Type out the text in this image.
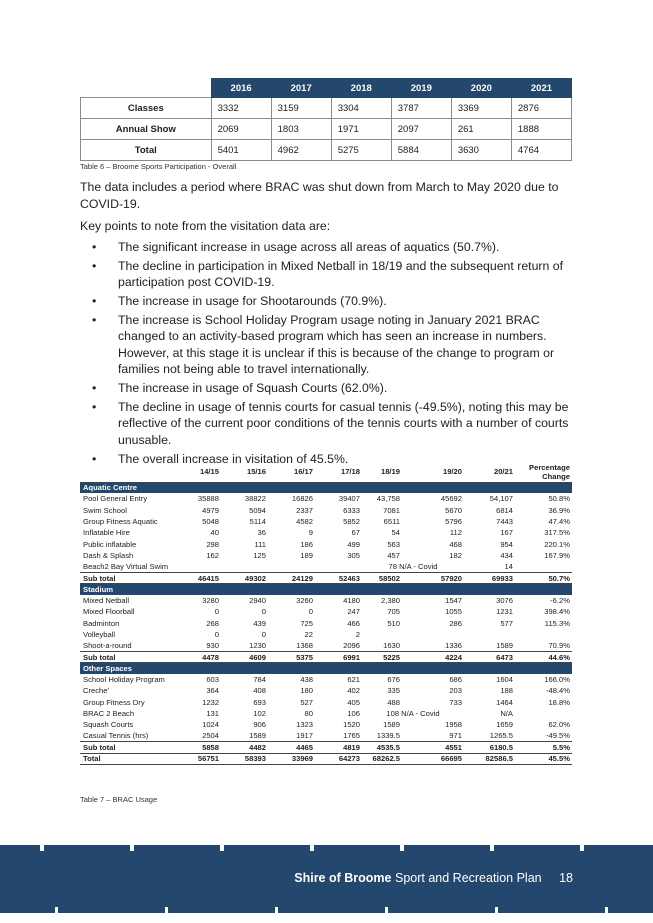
	2016	2017	2018	2019	2020	2021
Classes	3332	3159	3304	3787	3369	2876
Annual Show	2069	1803	1971	2097	261	1888
Total	5401	4962	5275	5884	3630	4764
Table 6 – Broome Sports Participation - Overall

The data includes a period where BRAC was shut down from March to May 2020 due to COVID-19.

Key points to note from the visitation data are:

• The significant increase in usage across all areas of aquatics (50.7%).
• The decline in participation in Mixed Netball in 18/19 and the subsequent return of participation post COVID-19.
• The increase in usage for Shootarounds (70.9%).
• The increase is School Holiday Program usage noting in January 2021 BRAC changed to an activity-based program which has seen an increase in numbers. However, at this stage it is unclear if this is because of the change to program or families not being able to travel internationally.
• The increase in usage of Squash Courts (62.0%).
• The decline in usage of tennis courts for casual tennis (-49.5%), noting this may be reflective of the current poor conditions of the tennis courts with a number of courts unusable.
• The overall increase in visitation of 45.5%.
	14/15	15/16	16/17	17/18	18/19	19/20	20/21	Percentage Change
Aquatic Centre								
Pool General Entry	35888	38822	16826	39407	43,758	45692	54,107	50.8%
Swim School	4979	5094	2337	6333	7081	5670	6814	36.9%
Group Fitness Aquatic	5048	5114	4582	5852	6511	5796	7443	47.4%
Inflatable Hire	40	36	9	67	54	112	167	317.5%
Public inflatable	298	111	186	499	563	468	954	220.1%
Dash & Splash	162	125	189	305	457	182	434	167.9%
Beach2 Bay Virtual Swim					78 N/A - Covid		14	
Sub total	46415	49302	24129	52463	58502	57920	69933	50.7%
Stadium								
Mixed Netball	3280	2940	3260	4180	2,380	1547	3076	-6.2%
Mixed Floorball	0	0	0	247	705	1055	1231	398.4%
Badminton	268	439	725	466	510	286	577	115.3%
Volleyball	0	0	22	2				
Shoot-a-round	930	1230	1368	2096	1630	1336	1589	70.9%
Sub total	4478	4609	5375	6991	5225	4224	6473	44.6%
Other Spaces								
School Holiday Program	603	784	438	621	676	686	1604	166.0%
Creche'	364	408	180	402	335	203	188	-48.4%
Group Fitness Dry	1232	693	527	405	488	733	1464	18.8%
BRAC 2 Beach	131	102	80	106	108 N/A - Covid		N/A	
Squash Courts	1024	906	1323	1520	1589	1958	1659	62.0%
Casual Tennis (hrs)	2504	1589	1917	1765	1339.5	971	1265.5	-49.5%
Sub total	5858	4482	4465	4819	4535.5	4551	6180.5	5.5%
Total	56751	58393	33969	64273	68262.5	66695	82586.5	45.5%
Table 7 – BRAC Usage
Shire of Broome Sport and Recreation Plan 18
